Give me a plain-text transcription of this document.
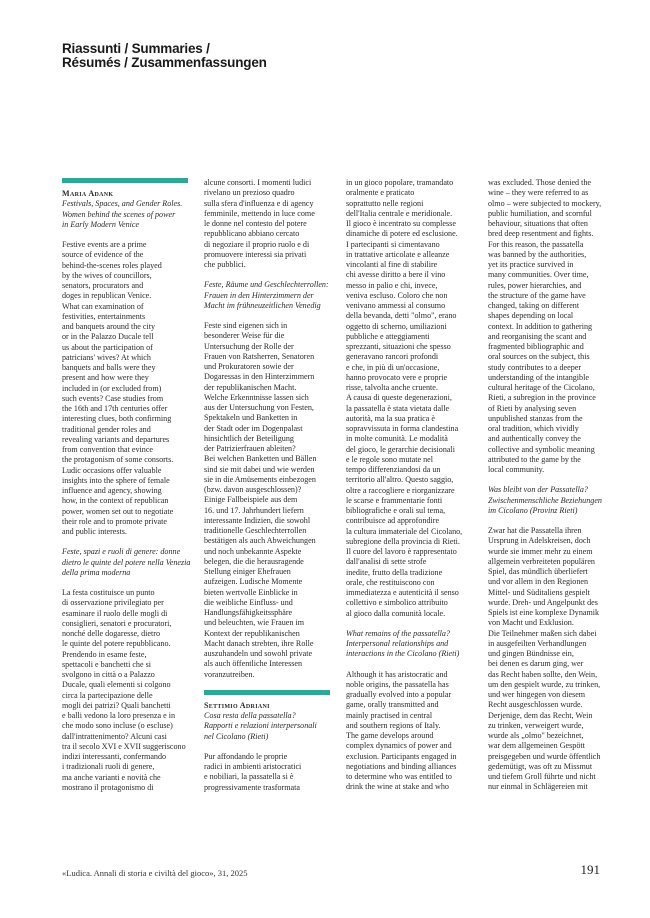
Riassunti / Summaries /
Résumés / Zusammenfassungen

Maria Adank

Festivals, Spaces, and Gender Roles.

Women behind the scenes of power

in Early Modern Venice

Festive events are a prime

source of evidence of the

behind-the-scenes roles played

by the wives of councillors,

senators, procurators and

doges in republican Venice.

What can examination of

festivities, entertainments

and banquets around the city

or in the Palazzo Ducale tell

us about the participation of

patricians' wives? At which

banquets and balls were they

present and how were they

included in (or excluded from)

such events? Case studies from

the 16th and 17th centuries offer

interesting clues, both confirming

traditional gender roles and

revealing variants and departures

from convention that evince

the protagonism of some consorts.

Ludic occasions offer valuable

insights into the sphere of female

influence and agency, showing

how, in the context of republican

power, women set out to negotiate

their role and to promote private

and public interests.

Feste, spazi e ruoli di genere: donne

dietro le quinte del potere nella Venezia

della prima moderna

La festa costituisce un punto

di osservazione privilegiato per

esaminare il ruolo delle mogli di

consiglieri, senatori e procuratori,

nonché delle dogaresse, dietro

le quinte del potere repubblicano.

Prendendo in esame feste,

spettacoli e banchetti che si

svolgono in città o a Palazzo

Ducale, quali elementi si colgono

circa la partecipazione delle

mogli dei patrizi? Quali banchetti

e balli vedono la loro presenza e in

che modo sono incluse (o escluse)

dall'intrattenimento? Alcuni casi

tra il secolo XVI e XVII suggeriscono

indizi interessanti, confermando

i tradizionali ruoli di genere,

ma anche varianti e novità che

mostrano il protagonismo di

alcune consorti. I momenti ludici

rivelano un prezioso quadro

sulla sfera d'influenza e di agency

femminile, mettendo in luce come

le donne nel contesto del potere

repubblicano abbiano cercato

di negoziare il proprio ruolo e di

promuovere interessi sia privati

che pubblici.

Feste, Räume und Geschlechterrollen:

Frauen in den Hinterzimmern der

Macht im frühneuzeitlichen Venedig

Feste sind eigenen sich in

besonderer Weise für die

Untersuchung der Rolle der

Frauen von Ratsherren, Senatoren

und Prokuratoren sowie der

Dogaressas in den Hinterzimmern

der republikanischen Macht.

Welche Erkenntnisse lassen sich

aus der Untersuchung von Festen,

Spektakeln und Banketten in

der Stadt oder im Dogenpalast

hinsichtlich der Beteiligung

der Patrizierfrauen ableiten?

Bei welchen Banketten und Bällen

sind sie mit dabei und wie werden

sie in die Amüsements einbezogen

(bzw. davon ausgeschlossen)?

Einige Fallbeispiele aus dem

16. und 17. Jahrhundert liefern

interessante Indizien, die sowohl

traditionelle Geschlechterrollen

bestätigen als auch Abweichungen

und noch unbekannte Aspekte

belegen, die die herausragende

Stellung einiger Ehefrauen

aufzeigen. Ludische Momente

bieten wertvolle Einblicke in

die weibliche Einfluss- und

Handlungsfähigkeitssphäre

und beleuchten, wie Frauen im

Kontext der republikanischen

Macht danach strebten, ihre Rolle

auszuhandeln und sowohl private

als auch öffentliche Interessen

voranzutreiben.

Settimio Adriani

Cosa resta della passatella?

Rapporti e relazioni interpersonali

nel Cicolano (Rieti)

Pur affondando le proprie

radici in ambienti aristocratici

e nobiliari, la passatella si è

progressivamente trasformata

in un gioco popolare, tramandato

oralmente e praticato

soprattutto nelle regioni

dell'Italia centrale e meridionale.

Il gioco è incentrato su complesse

dinamiche di potere ed esclusione.

I partecipanti si cimentavano

in trattative articolate e alleanze

vincolanti al fine di stabilire

chi avesse diritto a bere il vino

messo in palio e chi, invece,

veniva escluso. Coloro che non

venivano ammessi al consumo

della bevanda, detti "olmo", erano

oggetto di scherno, umiliazioni

pubbliche e atteggiamenti

sprezzanti, situazioni che spesso

generavano rancori profondi

e che, in più di un'occasione,

hanno provocato vere e proprie

risse, talvolta anche cruente.

A causa di queste degenerazioni,

la passatella è stata vietata dalle

autorità, ma la sua pratica è

sopravvissuta in forma clandestina

in molte comunità. Le modalità

del gioco, le gerarchie decisionali

e le regole sono mutate nel

tempo differenziandosi da un

territorio all'altro. Questo saggio,

oltre a raccogliere e riorganizzare

le scarse e frammentarie fonti

bibliografiche e orali sul tema,

contribuisce ad approfondire

la cultura immateriale del Cicolano,

subregione della provincia di Rieti.

Il cuore del lavoro è rappresentato

dall'analisi di sette strofe

inedite, frutto della tradizione

orale, che restituiscono con

immediatezza e autenticità il senso

collettivo e simbolico attribuito

al gioco dalla comunità locale.

What remains of the passatella?

Interpersonal relationships and

interactions in the Cicolano (Rieti)

Although it has aristocratic and

noble origins, the passatella has

gradually evolved into a popular

game, orally transmitted and

mainly practised in central

and southern regions of Italy.

The game develops around

complex dynamics of power and

exclusion. Participants engaged in

negotiations and binding alliances

to determine who was entitled to

drink the wine at stake and who

was excluded. Those denied the

wine – they were referred to as

olmo – were subjected to mockery,

public humiliation, and scornful

behaviour, situations that often

bred deep resentment and fights.

For this reason, the passatella

was banned by the authorities,

yet its practice survived in

many communities. Over time,

rules, power hierarchies, and

the structure of the game have

changed, taking on different

shapes depending on local

context. In addition to gathering

and reorganising the scant and

fragmented bibliographic and

oral sources on the subject, this

study contributes to a deeper

understanding of the intangible

cultural heritage of the Cicolano,

Rieti, a subregion in the province

of Rieti by analysing seven

unpublished stanzas from the

oral tradition, which vividly

and authentically convey the

collective and symbolic meaning

attributed to the game by the

local community.

Was bleibt von der Passatella?

Zwischenmenschliche Beziehungen

im Cicolano (Provinz Rieti)

Zwar hat die Passatella ihren

Ursprung in Adelskreisen, doch

wurde sie immer mehr zu einem

allgemein verbreiteten populären

Spiel, das mündlich überliefert

und vor allem in den Regionen

Mittel- und Süditaliens gespielt

wurde. Dreh- und Angelpunkt des

Spiels ist eine komplexe Dynamik

von Macht und Exklusion.

Die Teilnehmer maßen sich dabei

in ausgefeilten Verhandlungen

und gingen Bündnisse ein,

bei denen es darum ging, wer

das Recht haben sollte, den Wein,

um den gespielt wurde, zu trinken,

und wer hingegen von diesem

Recht ausgeschlossen wurde.

Derjenige, dem das Recht, Wein

zu trinken, verweigert wurde,

wurde als „olmo" bezeichnet,

war dem allgemeinen Gespött

preisgegeben und wurde öffentlich

gedemütigt, was oft zu Missmut

und tiefem Groll führte und nicht

nur einmal in Schlägereien mit

«Ludica. Annali di storia e civiltà del gioco», 31, 2025	191
